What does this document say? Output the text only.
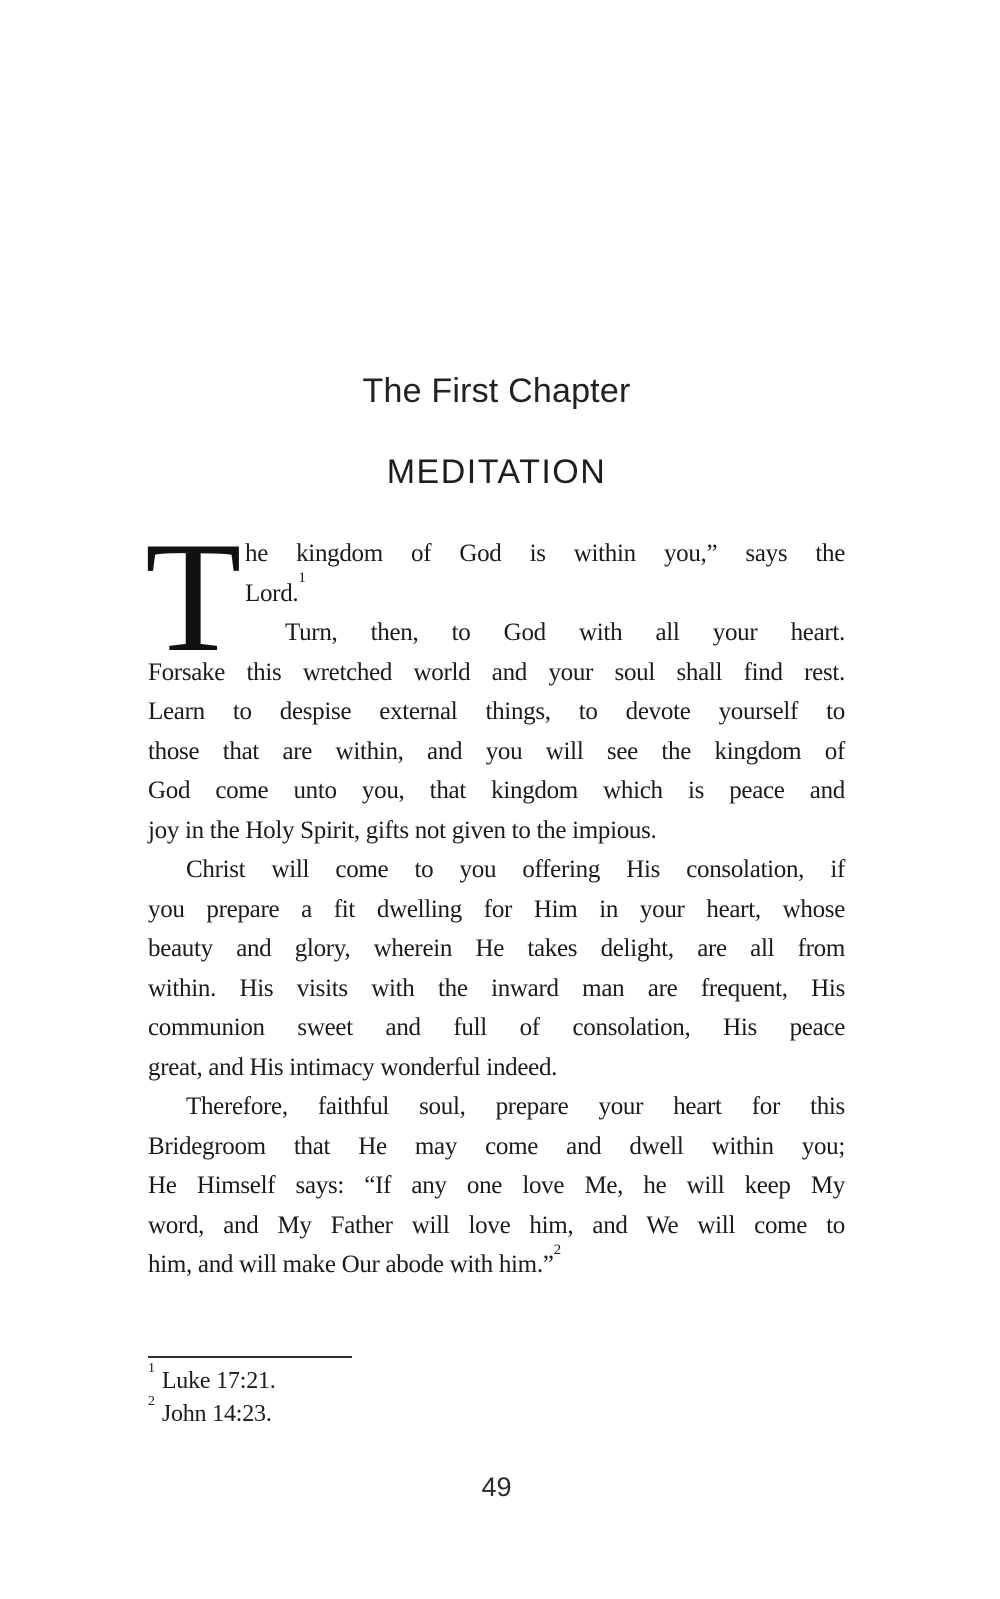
The First Chapter
MEDITATION
T he kingdom of God is within you,” says the
Lord.$^1$
Turn, then, to God with all your heart.
Forsake this wretched world and your soul shall find rest.
Learn to despise external things, to devote yourself to
those that are within, and you will see the kingdom of
God come unto you, that kingdom which is peace and
joy in the Holy Spirit, gifts not given to the impious.
Christ will come to you offering His consolation, if
you prepare a fit dwelling for Him in your heart, whose
beauty and glory, wherein He takes delight, are all from
within. His visits with the inward man are frequent, His
communion sweet and full of consolation, His peace
great, and His intimacy wonderful indeed.
Therefore, faithful soul, prepare your heart for this
Bridegroom that He may come and dwell within you;
He Himself says: “If any one love Me, he will keep My
word, and My Father will love him, and We will come to
him, and will make Our abode with him.”$^2$
$^1$ Luke 17:21.
$^2$ John 14:23.
49
